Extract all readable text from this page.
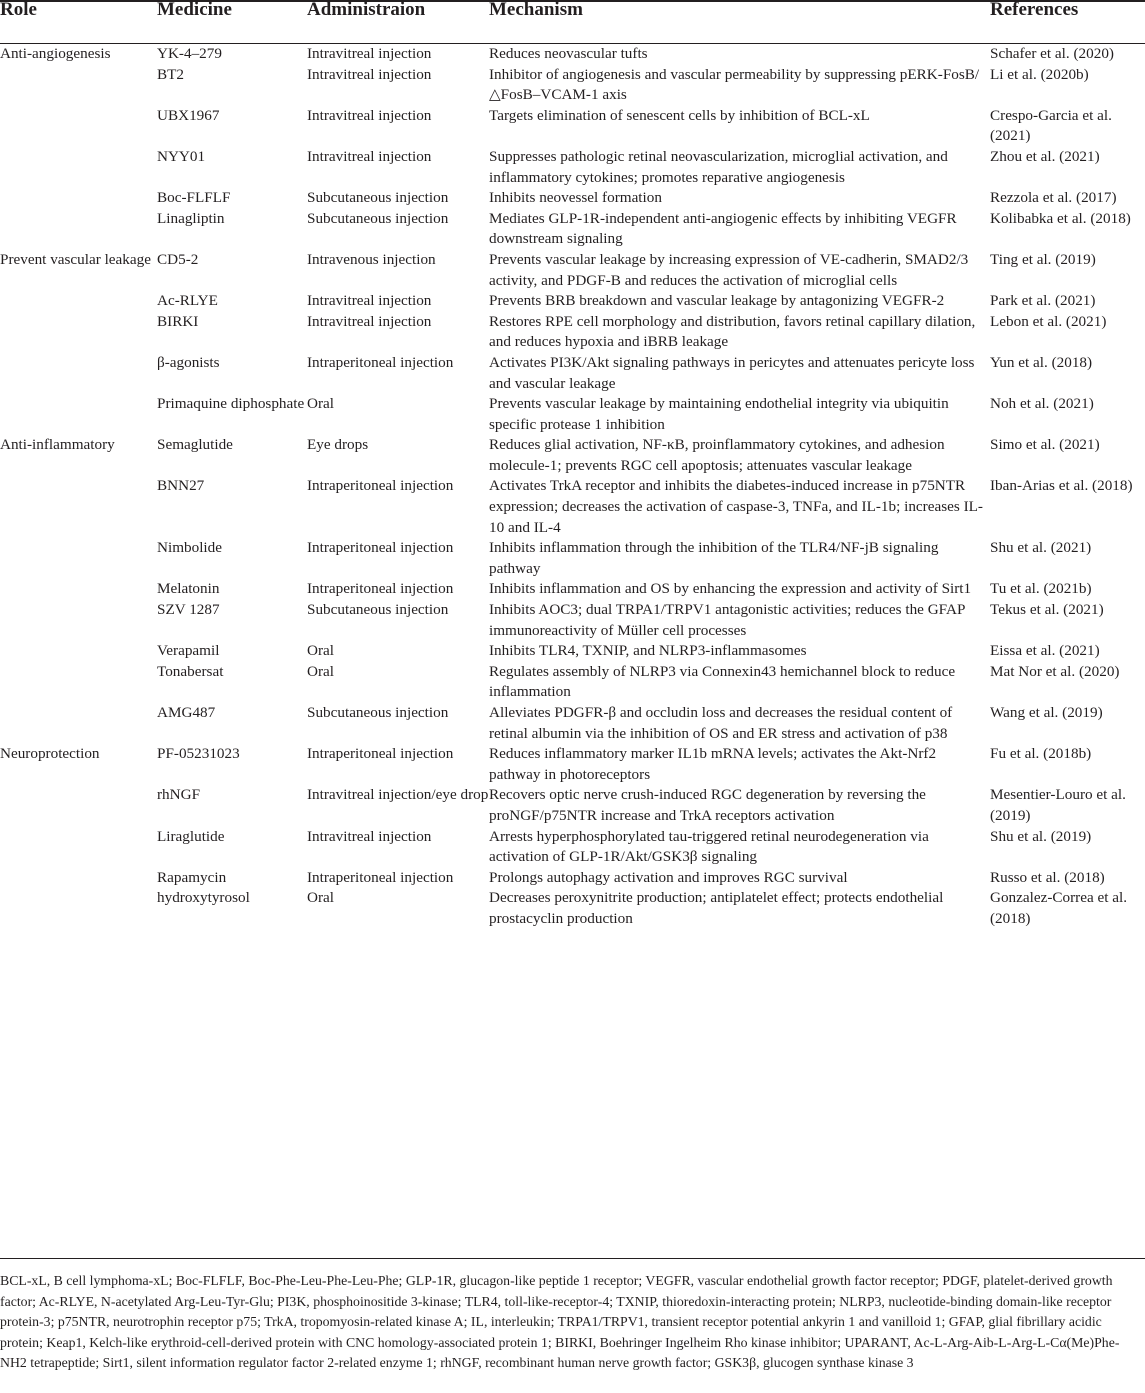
Role	Medicine	Administraion	Mechanism	References
Anti-angiogenesis	YK-4–279	Intravitreal injection	Reduces neovascular tufts	Schafer et al. (2020)
	BT2	Intravitreal injection	Inhibitor of angiogenesis and vascular permeability by suppressing pERK-FosB/△FosB–VCAM-1 axis	Li et al. (2020b)
	UBX1967	Intravitreal injection	Targets elimination of senescent cells by inhibition of BCL-xL	Crespo-Garcia et al. (2021)
	NYY01	Intravitreal injection	Suppresses pathologic retinal neovascularization, microglial activation, and inflammatory cytokines; promotes reparative angiogenesis	Zhou et al. (2021)
	Boc-FLFLF	Subcutaneous injection	Inhibits neovessel formation	Rezzola et al. (2017)
	Linagliptin	Subcutaneous injection	Mediates GLP-1R-independent anti-angiogenic effects by inhibiting VEGFR downstream signaling	Kolibabka et al. (2018)
Prevent vascular leakage	CD5-2	Intravenous injection	Prevents vascular leakage by increasing expression of VE-cadherin, SMAD2/3 activity, and PDGF-B and reduces the activation of microglial cells	Ting et al. (2019)
	Ac-RLYE	Intravitreal injection	Prevents BRB breakdown and vascular leakage by antagonizing VEGFR-2	Park et al. (2021)
	BIRKI	Intravitreal injection	Restores RPE cell morphology and distribution, favors retinal capillary dilation, and reduces hypoxia and iBRB leakage	Lebon et al. (2021)
	β-agonists	Intraperitoneal injection	Activates PI3K/Akt signaling pathways in pericytes and attenuates pericyte loss and vascular leakage	Yun et al. (2018)
	Primaquine diphosphate	Oral	Prevents vascular leakage by maintaining endothelial integrity via ubiquitin specific protease 1 inhibition	Noh et al. (2021)
Anti-inflammatory	Semaglutide	Eye drops	Reduces glial activation, NF-κB, proinflammatory cytokines, and adhesion molecule-1; prevents RGC cell apoptosis; attenuates vascular leakage	Simo et al. (2021)
	BNN27	Intraperitoneal injection	Activates TrkA receptor and inhibits the diabetes-induced increase in p75NTR expression; decreases the activation of caspase-3, TNFa, and IL-1b; increases IL-10 and IL-4	Iban-Arias et al. (2018)
	Nimbolide	Intraperitoneal injection	Inhibits inflammation through the inhibition of the TLR4/NF-jB signaling pathway	Shu et al. (2021)
	Melatonin	Intraperitoneal injection	Inhibits inflammation and OS by enhancing the expression and activity of Sirt1	Tu et al. (2021b)
	SZV 1287	Subcutaneous injection	Inhibits AOC3; dual TRPA1/TRPV1 antagonistic activities; reduces the GFAP immunoreactivity of Müller cell processes	Tekus et al. (2021)
	Verapamil	Oral	Inhibits TLR4, TXNIP, and NLRP3-inflammasomes	Eissa et al. (2021)
	Tonabersat	Oral	Regulates assembly of NLRP3 via Connexin43 hemichannel block to reduce inflammation	Mat Nor et al. (2020)
	AMG487	Subcutaneous injection	Alleviates PDGFR-β and occludin loss and decreases the residual content of retinal albumin via the inhibition of OS and ER stress and activation of p38	Wang et al. (2019)
Neuroprotection	PF-05231023	Intraperitoneal injection	Reduces inflammatory marker IL1b mRNA levels; activates the Akt-Nrf2 pathway in photoreceptors	Fu et al. (2018b)
	rhNGF	Intravitreal injection/eye drop	Recovers optic nerve crush-induced RGC degeneration by reversing the proNGF/p75NTR increase and TrkA receptors activation	Mesentier-Louro et al. (2019)
	Liraglutide	Intravitreal injection	Arrests hyperphosphorylated tau-triggered retinal neurodegeneration via activation of GLP-1R/Akt/GSK3β signaling	Shu et al. (2019)
	Rapamycin	Intraperitoneal injection	Prolongs autophagy activation and improves RGC survival	Russo et al. (2018)
	hydroxytyrosol	Oral	Decreases peroxynitrite production; antiplatelet effect; protects endothelial prostacyclin production	Gonzalez-Correa et al. (2018)

BCL-xL, B cell lymphoma-xL; Boc-FLFLF, Boc-Phe-Leu-Phe-Leu-Phe; GLP-1R, glucagon-like peptide 1 receptor; VEGFR, vascular endothelial growth factor receptor; PDGF, platelet-derived growth factor; Ac-RLYE, N-acetylated Arg-Leu-Tyr-Glu; PI3K, phosphoinositide 3-kinase; TLR4, toll-like-receptor-4; TXNIP, thioredoxin-interacting protein; NLRP3, nucleotide-binding domain-like receptor protein-3; p75NTR, neurotrophin receptor p75; TrkA, tropomyosin-related kinase A; IL, interleukin; TRPA1/TRPV1, transient receptor potential ankyrin 1 and vanilloid 1; GFAP, glial fibrillary acidic protein; Keap1, Kelch-like erythroid-cell-derived protein with CNC homology-associated protein 1; BIRKI, Boehringer Ingelheim Rho kinase inhibitor; UPARANT, Ac-L-Arg-Aib-L-Arg-L-Cα(Me)Phe-NH2 tetrapeptide; Sirt1, silent information regulator factor 2-related enzyme 1; rhNGF, recombinant human nerve growth factor; GSK3β, glucogen synthase kinase 3
